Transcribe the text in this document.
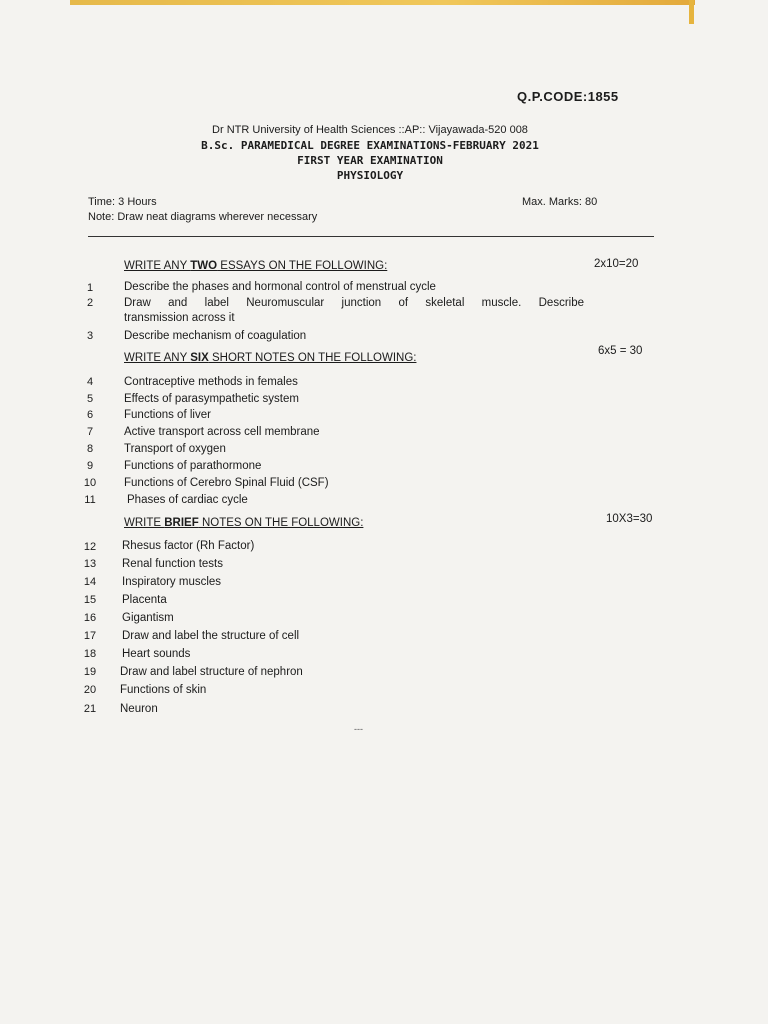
Q.P.CODE:1855
Dr NTR University of Health Sciences ::AP:: Vijayawada-520 008
B.Sc. PARAMEDICAL DEGREE EXAMINATIONS-FEBRUARY 2021
FIRST YEAR EXAMINATION
PHYSIOLOGY
Time: 3 Hours	Max. Marks: 80
Note: Draw neat diagrams wherever necessary
WRITE ANY TWO ESSAYS ON THE FOLLOWING:	2x10=20
1	Describe the phases and hormonal control of menstrual cycle
2	Draw and label Neuromuscular junction of skeletal muscle. Describe
transmission across it
3	Describe mechanism of coagulation
WRITE ANY SIX SHORT NOTES ON THE FOLLOWING:
6x5 = 30
4	Contraceptive methods in females
5	Effects of parasympathetic system
6	Functions of liver
7	Active transport across cell membrane
8	Transport of oxygen
9	Functions of parathormone
10	Functions of Cerebro Spinal Fluid (CSF)
11	Phases of cardiac cycle
WRITE BRIEF NOTES ON THE FOLLOWING:	10X3=30
12	Rhesus factor (Rh Factor)
13	Renal function tests
14	Inspiratory muscles
15	Placenta
16	Gigantism
17	Draw and label the structure of cell
18	Heart sounds
19	Draw and label structure of nephron
20	Functions of skin
21	Neuron
---
